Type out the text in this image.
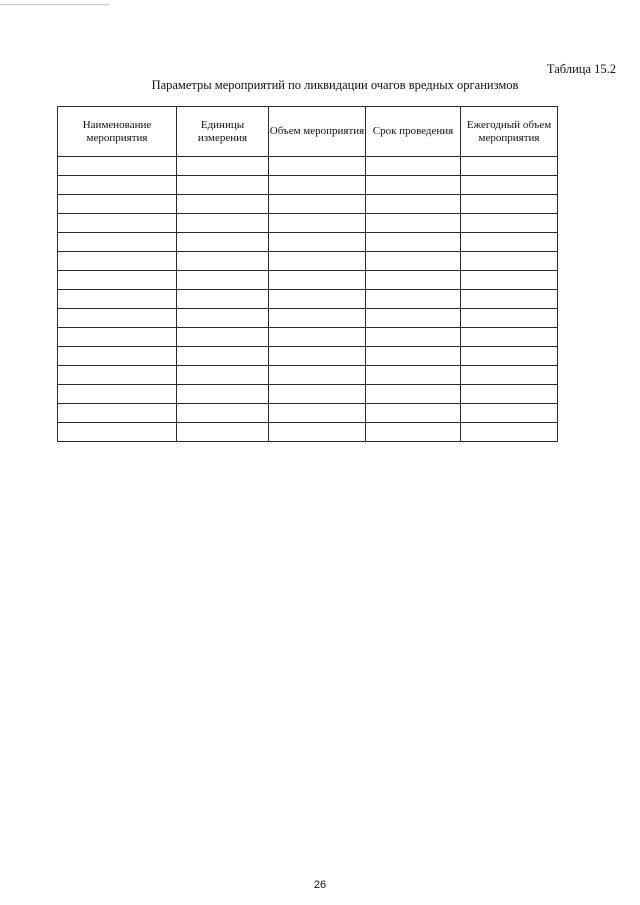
Таблица 15.2
Параметры мероприятий по ликвидации очагов вредных организмов
Наименование мероприятия	Единицы измерения	Объем мероприятия	Срок проведения	Ежегодный объем мероприятия

26
